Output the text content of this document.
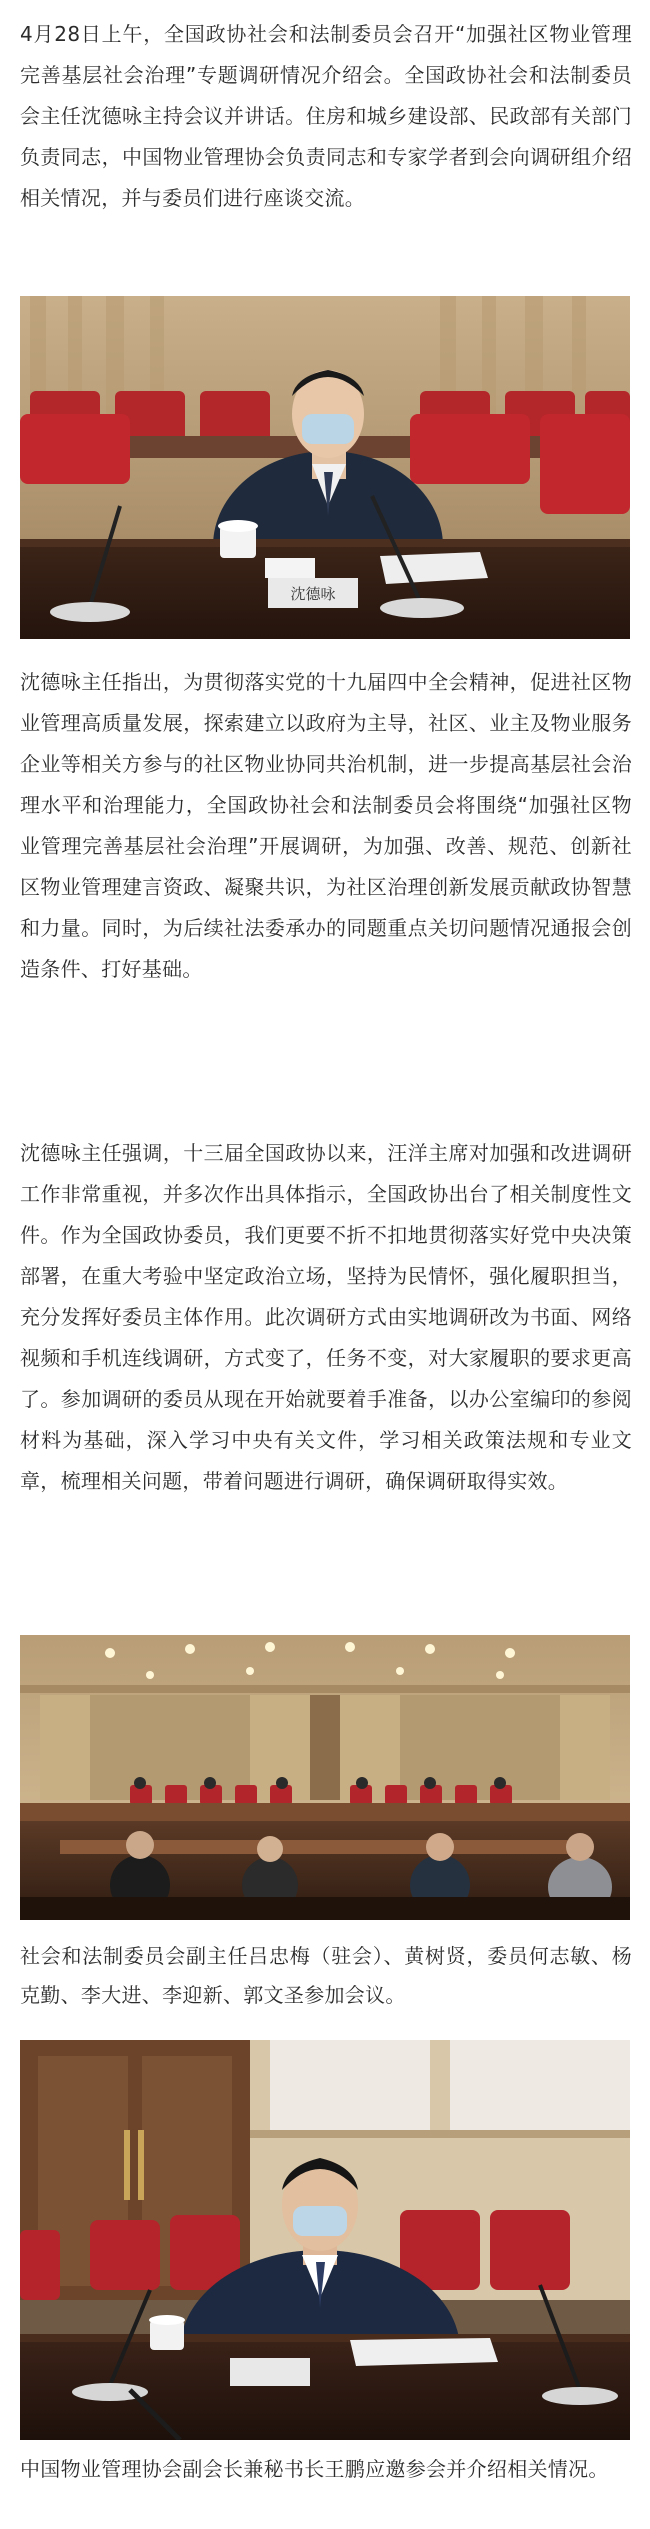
4月28日上午，全国政协社会和法制委员会召开“加强社区物业管理 完善基层社会治理”专题调研情况介绍会。全国政协社会和法制委员会主任沈德咏主持会议并讲话。住房和城乡建设部、民政部有关部门负责同志，中国物业管理协会负责同志和专家学者到会向调研组介绍相关情况，并与委员们进行座谈交流。

沈德咏

沈德咏主任指出，为贯彻落实党的十九届四中全会精神，促进社区物业管理高质量发展，探索建立以政府为主导，社区、业主及物业服务企业等相关方参与的社区物业协同共治机制，进一步提高基层社会治理水平和治理能力，全国政协社会和法制委员会将围绕“加强社区物业管理完善基层社会治理”开展调研，为加强、改善、规范、创新社区物业管理建言资政、凝聚共识，为社区治理创新发展贡献政协智慧和力量。同时，为后续社法委承办的同题重点关切问题情况通报会创造条件、打好基础。

沈德咏主任强调，十三届全国政协以来，汪洋主席对加强和改进调研工作非常重视，并多次作出具体指示，全国政协出台了相关制度性文件。作为全国政协委员，我们更要不折不扣地贯彻落实好党中央决策部署，在重大考验中坚定政治立场，坚持为民情怀，强化履职担当，充分发挥好委员主体作用。此次调研方式由实地调研改为书面、网络视频和手机连线调研，方式变了，任务不变，对大家履职的要求更高了。参加调研的委员从现在开始就要着手准备，以办公室编印的参阅材料为基础，深入学习中央有关文件，学习相关政策法规和专业文章，梳理相关问题，带着问题进行调研，确保调研取得实效。

社会和法制委员会副主任吕忠梅（驻会）、黄树贤，委员何志敏、杨克勤、李大进、李迎新、郭文圣参加会议。

中国物业管理协会副会长兼秘书长王鹏应邀参会并介绍相关情况。
